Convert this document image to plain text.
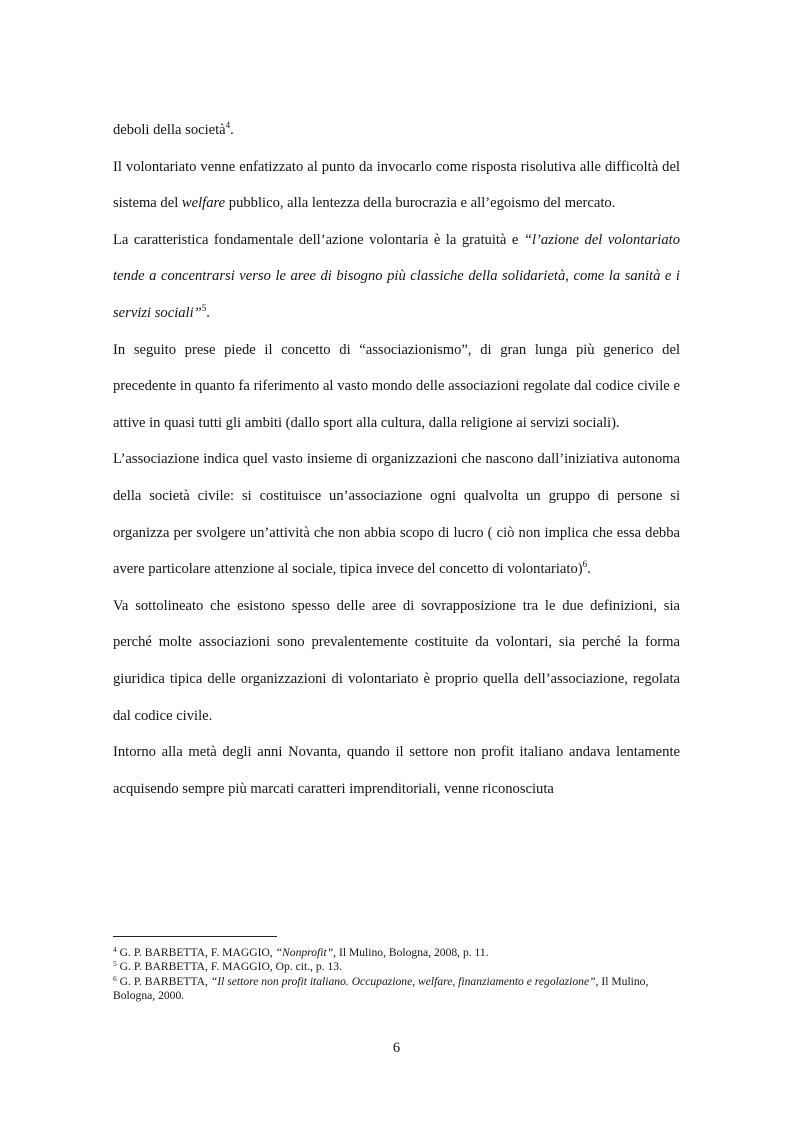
deboli della società$^4$.

Il volontariato venne enfatizzato al punto da invocarlo come risposta risolutiva alle difficoltà del sistema del welfare pubblico, alla lentezza della burocrazia e all’egoismo del mercato.

La caratteristica fondamentale dell’azione volontaria è la gratuità e “l’azione del volontariato tende a concentrarsi verso le aree di bisogno più classiche della solidarietà, come la sanità e i servizi sociali”$^5$.

In seguito prese piede il concetto di “associazionismo”, di gran lunga più generico del precedente in quanto fa riferimento al vasto mondo delle associazioni regolate dal codice civile e attive in quasi tutti gli ambiti (dallo sport alla cultura, dalla religione ai servizi sociali).

L’associazione indica quel vasto insieme di organizzazioni che nascono dall’iniziativa autonoma della società civile: si costituisce un’associazione ogni qualvolta un gruppo di persone si organizza per svolgere un’attività che non abbia scopo di lucro ( ciò non implica che essa debba avere particolare attenzione al sociale, tipica invece del concetto di volontariato)$^6$.

Va sottolineato che esistono spesso delle aree di sovrapposizione tra le due definizioni, sia perché molte associazioni sono prevalentemente costituite da volontari, sia perché la forma giuridica tipica delle organizzazioni di volontariato è proprio quella dell’associazione, regolata dal codice civile.

Intorno alla metà degli anni Novanta, quando il settore non profit italiano andava lentamente acquisendo sempre più marcati caratteri imprenditoriali, venne riconosciuta

$^4$ G. P. BARBETTA, F. MAGGIO, “Nonprofit”, Il Mulino, Bologna, 2008, p. 11.

$^5$ G. P. BARBETTA, F. MAGGIO, Op. cit., p. 13.

$^6$ G. P. BARBETTA, “Il settore non profit italiano. Occupazione, welfare, finanziamento e regolazione”, Il Mulino, Bologna, 2000.

6
